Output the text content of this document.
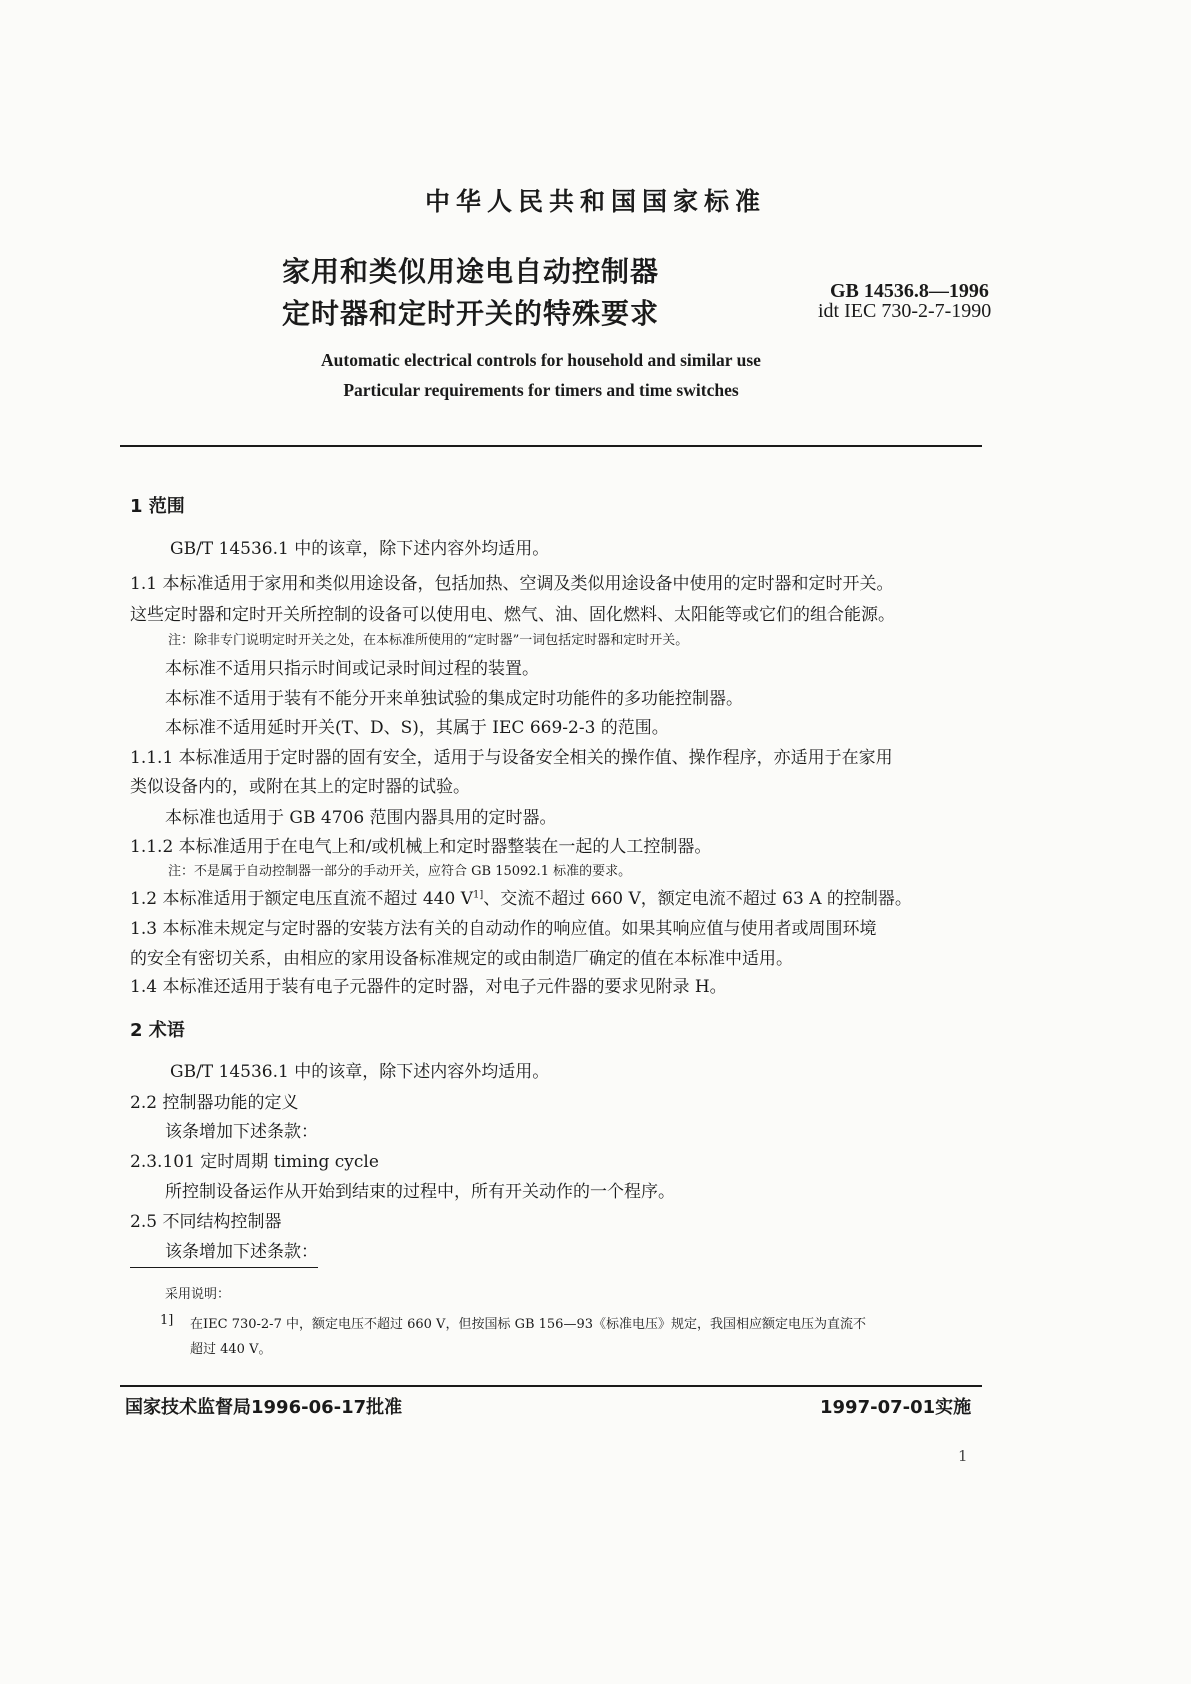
中华人民共和国国家标准
家用和类似用途电自动控制器
定时器和定时开关的特殊要求
GB 14536.8—1996
idt IEC 730-2-7-1990
Automatic electrical controls for household and similar use
Particular requirements for timers and time switches
1 范围
GB/T 14536.1 中的该章，除下述内容外均适用。
1.1 本标准适用于家用和类似用途设备，包括加热、空调及类似用途设备中使用的定时器和定时开关。
这些定时器和定时开关所控制的设备可以使用电、燃气、油、固化燃料、太阳能等或它们的组合能源。
注：除非专门说明定时开关之处，在本标准所使用的“定时器”一词包括定时器和定时开关。
本标准不适用只指示时间或记录时间过程的装置。
本标准不适用于装有不能分开来单独试验的集成定时功能件的多功能控制器。
本标准不适用延时开关(T、D、S)，其属于 IEC 669-2-3 的范围。
1.1.1 本标准适用于定时器的固有安全，适用于与设备安全相关的操作值、操作程序，亦适用于在家用
类似设备内的，或附在其上的定时器的试验。
本标准也适用于 GB 4706 范围内器具用的定时器。
1.1.2 本标准适用于在电气上和/或机械上和定时器整装在一起的人工控制器。
注：不是属于自动控制器一部分的手动开关，应符合 GB 15092.1 标准的要求。
1.2 本标准适用于额定电压直流不超过 440 $V^{1]}$、交流不超过 660 V，额定电流不超过 63 A 的控制器。
1.3 本标准未规定与定时器的安装方法有关的自动动作的响应值。如果其响应值与使用者或周围环境
的安全有密切关系，由相应的家用设备标准规定的或由制造厂确定的值在本标准中适用。
1.4 本标准还适用于装有电子元器件的定时器，对电子元件器的要求见附录 H。
2 术语
GB/T 14536.1 中的该章，除下述内容外均适用。
2.2 控制器功能的定义
该条增加下述条款：
2.3.101 定时周期 timing cycle
所控制设备运作从开始到结束的过程中，所有开关动作的一个程序。
2.5 不同结构控制器
该条增加下述条款：
采用说明：
1] 在IEC 730-2-7 中，额定电压不超过 660 V，但按国标 GB 156—93《标准电压》规定，我国相应额定电压为直流不
超过 440 V。
国家技术监督局1996-06-17批准	1997-07-01实施
1
